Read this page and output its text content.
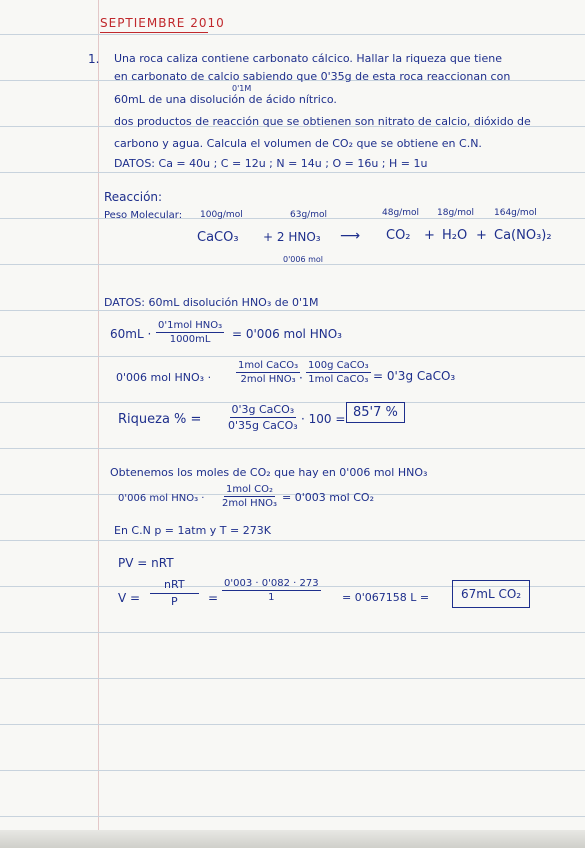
SEPTIEMBRE 2010
1. Una roca caliza contiene carbonato cálcico. Hallar la riqueza que tiene
en carbonato de calcio sabiendo que 0'35g de esta roca reaccionan con
0'1M
60mL de una disolución de ácido nítrico.
dos productos de reacción que se obtienen son nitrato de calcio, dióxido de
carbono y agua. Calcula el volumen de CO₂ que se obtiene en C.N.
DATOS: Ca = 40u ; C = 12u ; N = 14u ; O = 16u ; H = 1u
Reacción:
Peso Molecular: 100g/mol	63g/mol	48g/mol 18g/mol 164g/mol
CaCO₃ + 2 HNO₃ ⟶ CO₂ + H₂O + Ca(NO₃)₂
0'006 mol
DATOS: 60mL disolución HNO₃ de 0'1M
60mL ·
0'1mol HNO₃
1000mL = 0'006 mol HNO₃
0'006 mol HNO₃ ·
1mol CaCO₃
2mol HNO₃ ·
100g CaCO₃
1mol CaCO₃ = 0'3g CaCO₃
Riqueza % =
0'3g CaCO₃
0'35g CaCO₃ · 100 = 85'7 %
Obtenemos los moles de CO₂ que hay en 0'006 mol HNO₃
0'006 mol HNO₃ ·
1mol CO₂
2mol HNO₃ = 0'003 mol CO₂
En C.N p = 1atm y T = 273K
PV = nRT
V =
nRT
P	= $\frac{0'003 \cdot 0'082 \cdot 273}{1} = 0'067158$ L =	67mL CO₂
